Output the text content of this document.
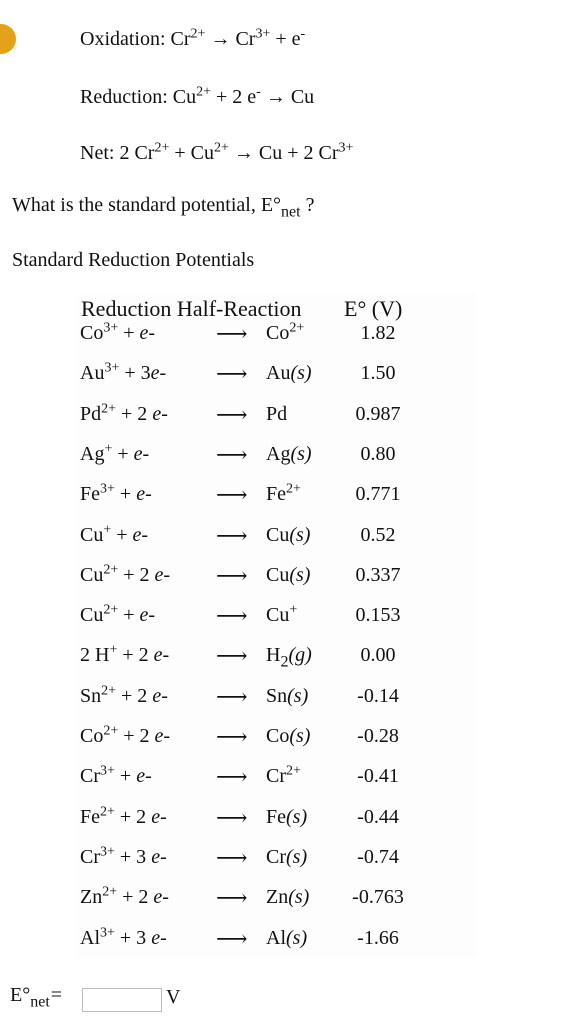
Oxidation: $Cr^{2+} \to Cr^{3+} + e^-$
Reduction: $Cu^{2+} + 2$ e- → Cu
Net: 2 $Cr^{2+} + Cu^{2+} \to Cu + 2$ $Cr^{3+}$
What is the standard potential, $E^\circ_{net}$ ?
Standard Reduction Potentials
Reduction Half-Reaction E° (V)
$Co^{3+} + e-$	⟶ $Co^{2+}$	1.82
$Au^{3+} + 3e-$ ⟶ Au(s)	1.50
$Pd^{2+} + 2$ e- ⟶ Pd	0.987
Ag+ + e-	⟶ Ag(s)	0.80
$Fe^{3+} + e-$	⟶ $Fe^{2+}$	0.771
Cu+ + e-	⟶ Cu(s)	0.52
$Cu^{2+} + 2$ e- ⟶ Cu(s)	0.337
$Cu^{2+} + e-$	⟶ Cu+	0.153
2 H+ + 2 e- ⟶ $H_2(g)$	0.00
$Sn^{2+} + 2$ e- ⟶ Sn(s)	-0.14
$Co^{2+} + 2$ e- ⟶ Co(s)	-0.28
$Cr^{3+} + e-$	⟶ $Cr^{2+}$	-0.41
$Fe^{2+} + 2$ e- ⟶ Fe(s)	-0.44
$Cr^{3+} + 3$ e- ⟶ Cr(s)	-0.74
$Zn^{2+} + 2$ e- ⟶ Zn(s)	-0.763
$Al^{3+} + 3$ e- ⟶ Al(s)	-1.66
$E^\circ_{net}=$	V
